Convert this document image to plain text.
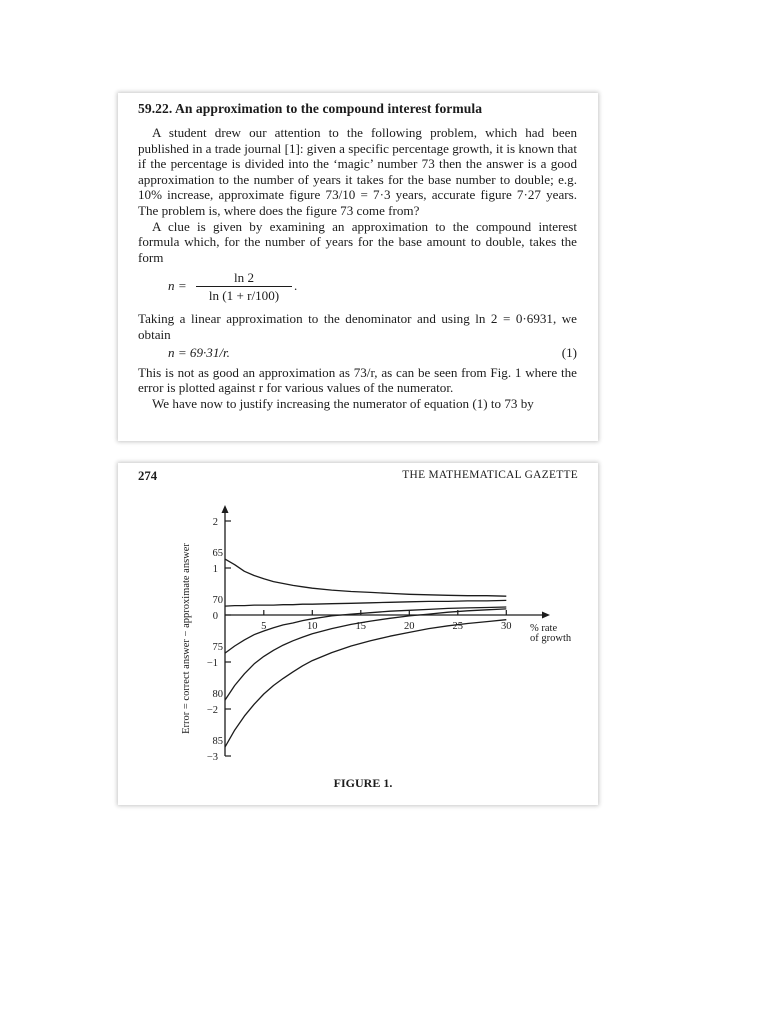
59.22. An approximation to the compound interest formula

A student drew our attention to the following problem, which had been published in a trade journal [1]: given a specific percentage growth, it is known that if the percentage is divided into the ‘magic’ number 73 then the answer is a good approximation to the number of years it takes for the base number to double; e.g. 10% increase, approximate figure 73/10 = 7·3 years, accurate figure 7·27 years. The problem is, where does the figure 73 come from?

A clue is given by examining an approximation to the compound interest formula which, for the number of years for the base amount to double, takes the form

n =
ln 2
ln (1 + r/100)
.

Taking a linear approximation to the denominator and using ln 2 = 0·6931, we obtain

n = 69·31/r.	(1)

This is not as good an approximation as 73/r, as can be seen from Fig. 1 where the error is plotted against r for various values of the numerator.

We have now to justify increasing the numerator of equation (1) to 73 by

274	THE MATHEMATICAL GAZETTE
2
1
0
−1
−2
−3
5	10	15	20	25	30 % rate
of growth
Error = correct answer − approximate answer 65
70
75
80
85
FIGURE 1.
